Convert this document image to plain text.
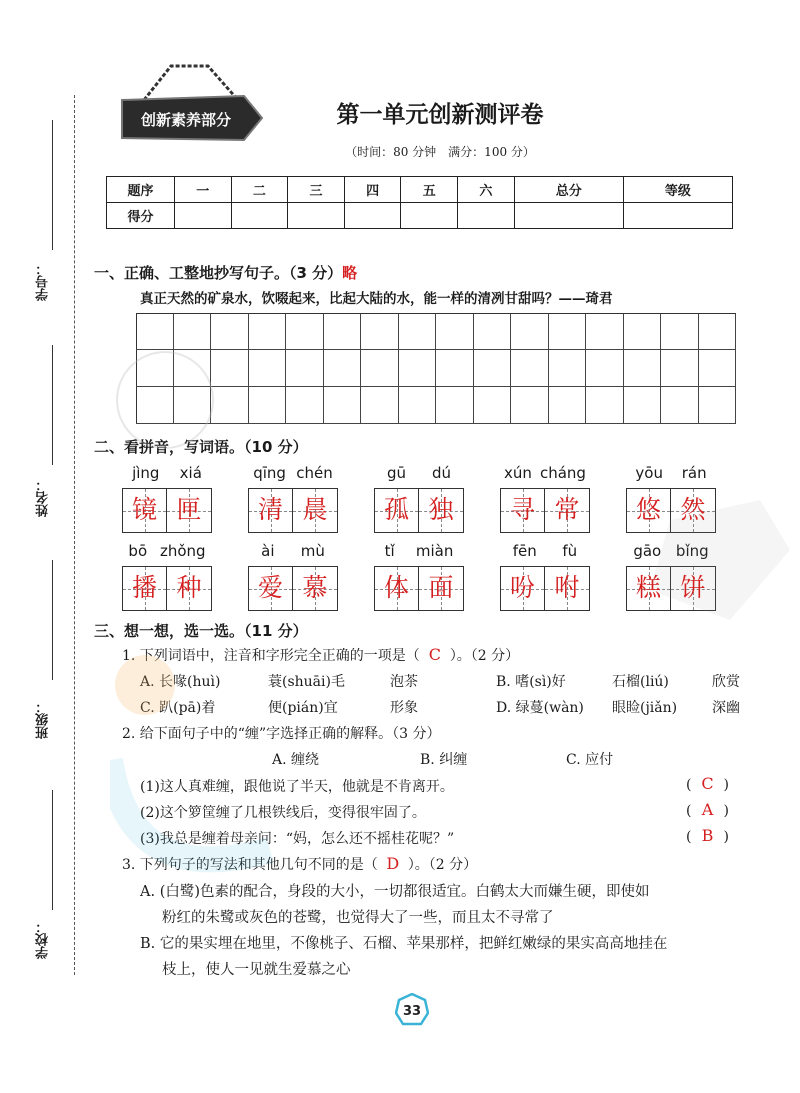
学号：
姓名：
班级：
学校：
创新素养部分	第一单元创新测评卷
（时间：80 分钟　满分：100 分）
题序	一	二	三	四	五	六	总分	等级
得分								
一、正确、工整地抄写句子。（3 分）略
真正天然的矿泉水，饮啜起来，比起大陆的水，能一样的清冽甘甜吗？——琦君
二、看拼音，写词语。（10 分）
jìng xiá
镜 匣
qīng chén
清 晨
gū dú
孤 独
xún cháng
寻 常
yōu rán
悠 然
bō zhǒng
播 种
ài mù
爱 慕
tǐ miàn
体 面
fēn fù
吩 咐
gāo bǐng
糕 饼
三、想一想，选一选。（11 分）
1. 下列词语中，注音和字形完全正确的一项是（ C ）。（2 分）
A. 长喙(huì)	蓑(shuāi)毛	泡茶	B. 嗜(sì)好	石榴(liú)	欣赏
C. 趴(pā)着	便(pián)宜	形象	D. 绿蔓(wàn) 眼睑(jiǎn) 深幽
2. 给下面句子中的“缠”字选择正确的解释。（3 分）
A. 缠绕	B. 纠缠	C. 应付
(1)这人真难缠，跟他说了半天，他就是不肯离开。	( C )
(2)这个箩筐缠了几根铁线后，变得很牢固了。	( A )
(3)我总是缠着母亲问：“妈，怎么还不摇桂花呢？”	( B )
3. 下列句子的写法和其他几句不同的是（ D ）。（2 分）
A. (白鹭)色素的配合，身段的大小，一切都很适宜。白鹤太大而嫌生硬，即使如
粉红的朱鹭或灰色的苍鹭，也觉得大了一些，而且太不寻常了
B. 它的果实埋在地里，不像桃子、石榴、苹果那样，把鲜红嫩绿的果实高高地挂在
枝上，使人一见就生爱慕之心
33
